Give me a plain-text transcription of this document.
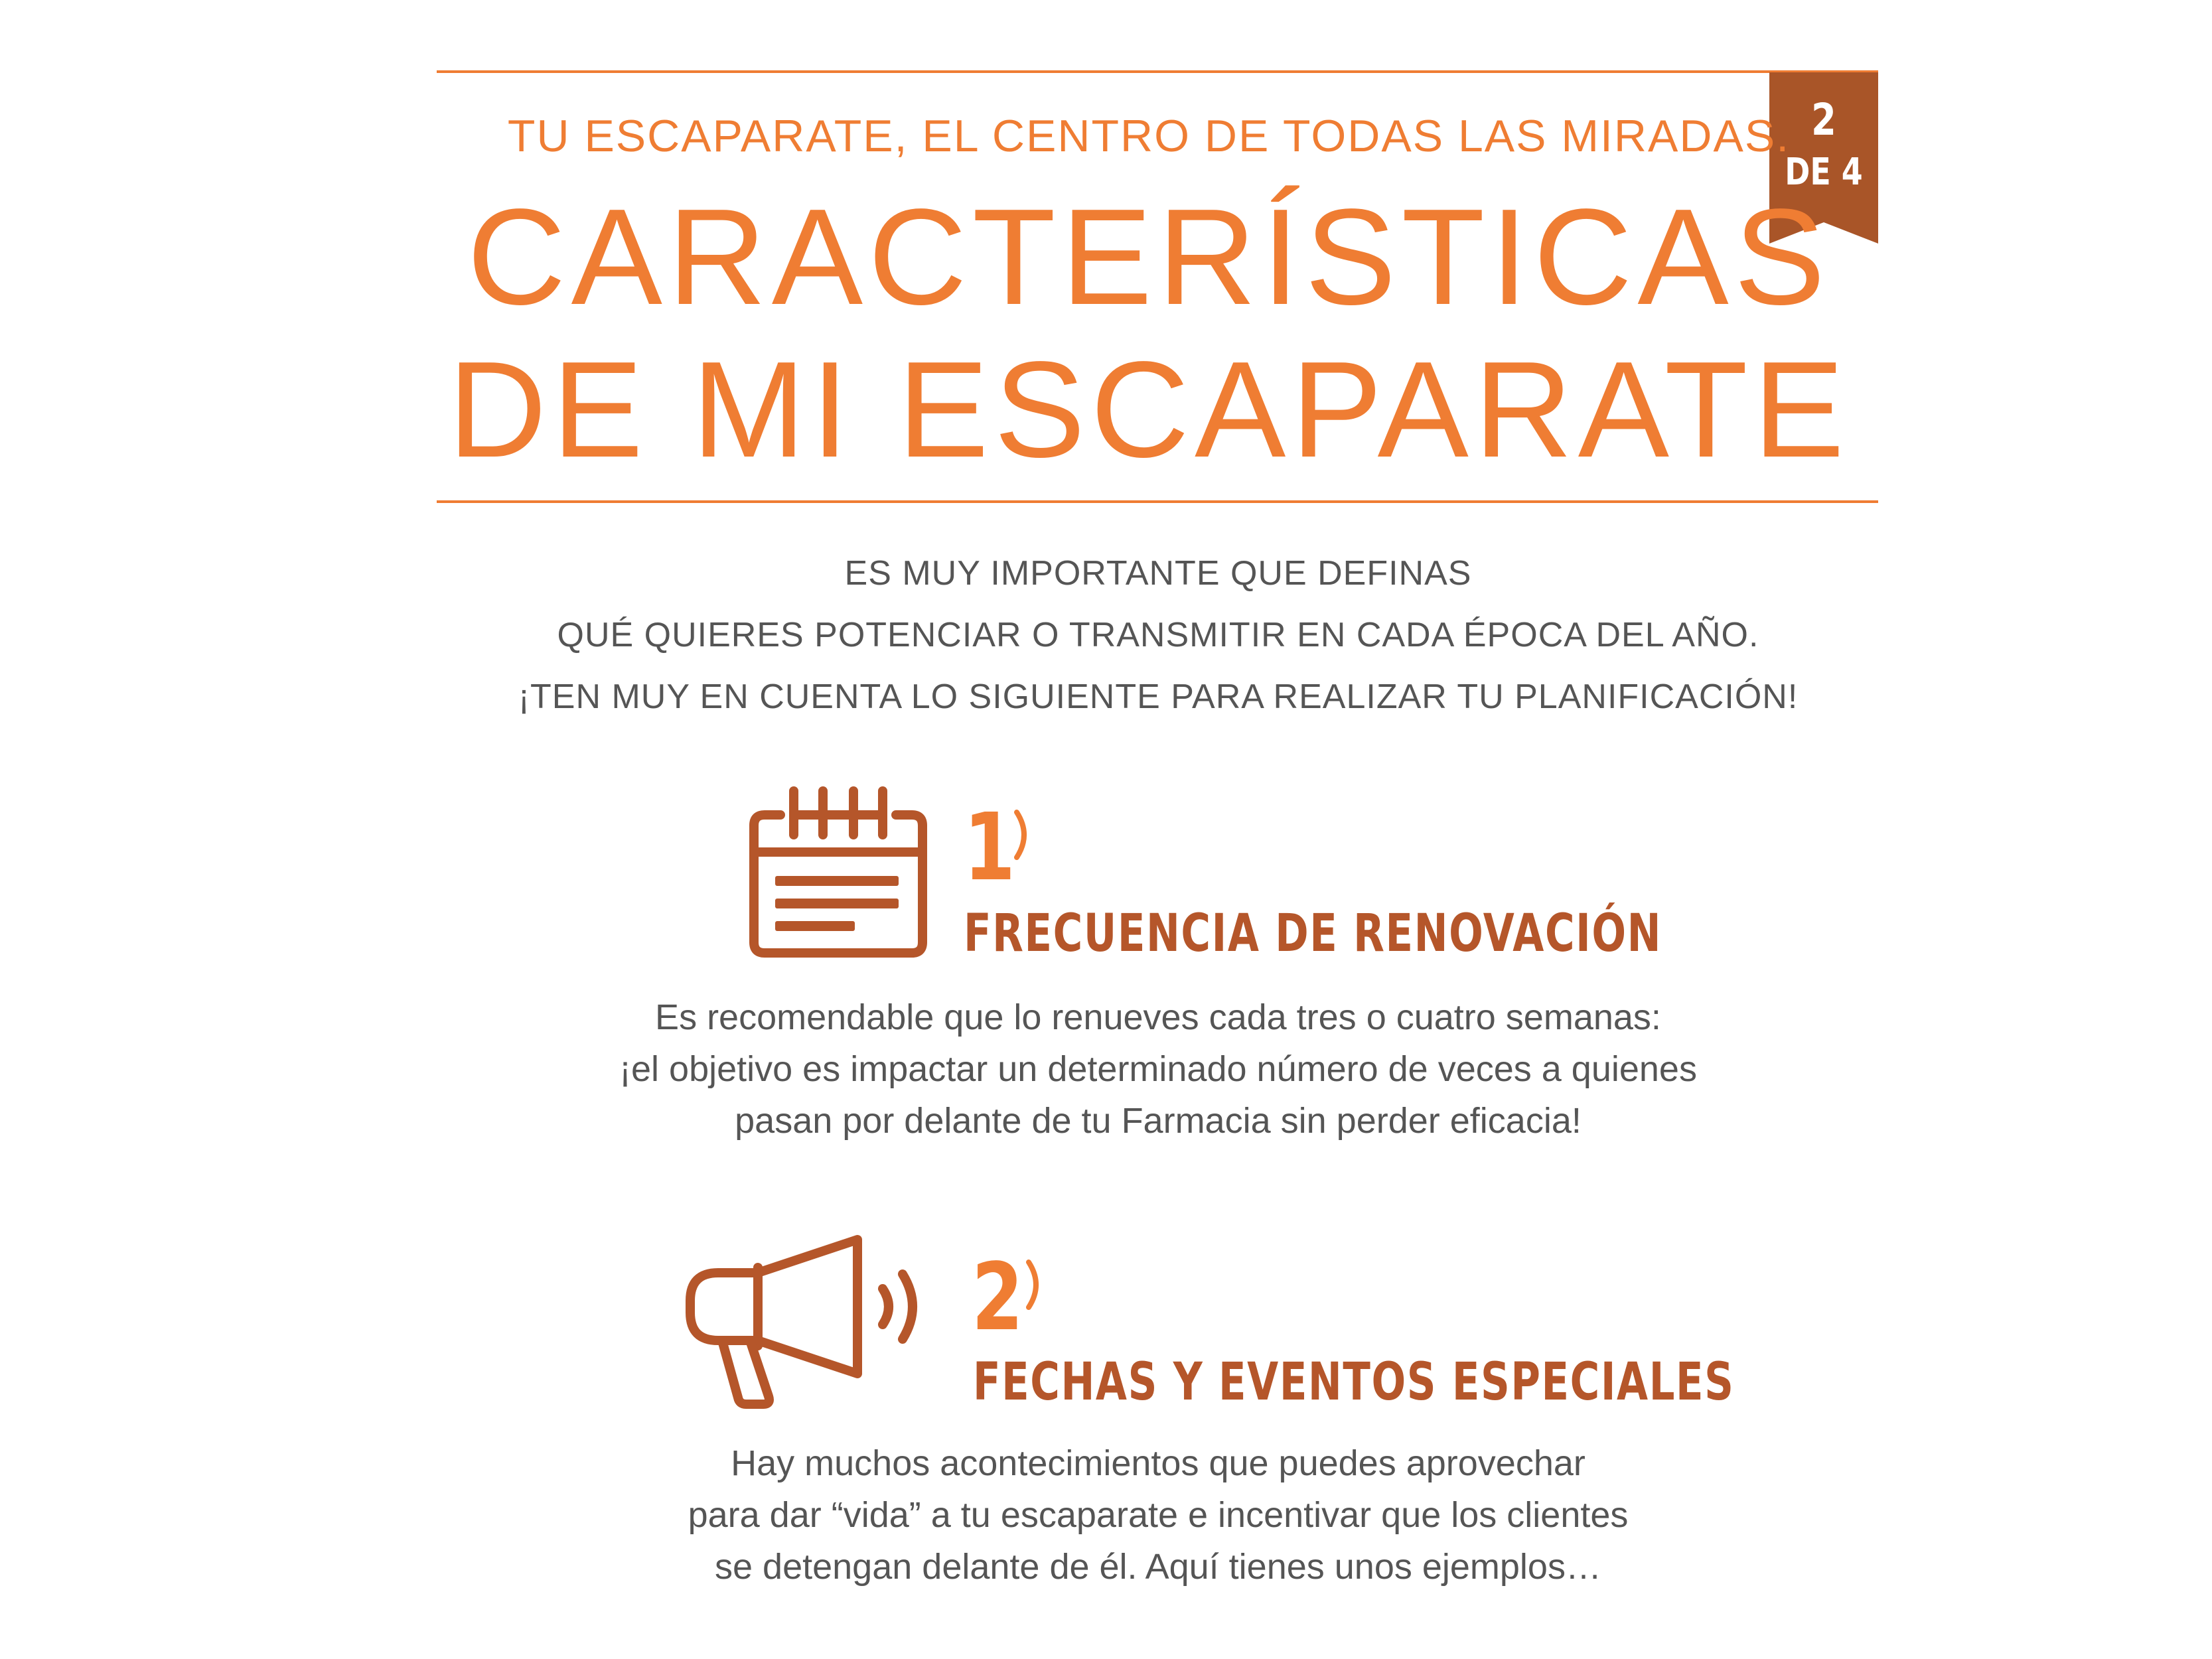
2
DE 4
TU ESCAPARATE, EL CENTRO DE TODAS LAS MIRADAS.
CARACTERÍSTICAS
DE MI ESCAPARATE
ES MUY IMPORTANTE QUE DEFINAS
QUÉ QUIERES POTENCIAR O TRANSMITIR EN CADA ÉPOCA DEL AÑO.
¡TEN MUY EN CUENTA LO SIGUIENTE PARA REALIZAR TU PLANIFICACIÓN!
1
FRECUENCIA DE RENOVACIÓN
Es recomendable que lo renueves cada tres o cuatro semanas:
¡el objetivo es impactar un determinado número de veces a quienes
pasan por delante de tu Farmacia sin perder eficacia!
2
FECHAS Y EVENTOS ESPECIALES
Hay muchos acontecimientos que puedes aprovechar
para dar “vida” a tu escaparate e incentivar que los clientes
se detengan delante de él. Aquí tienes unos ejemplos…
